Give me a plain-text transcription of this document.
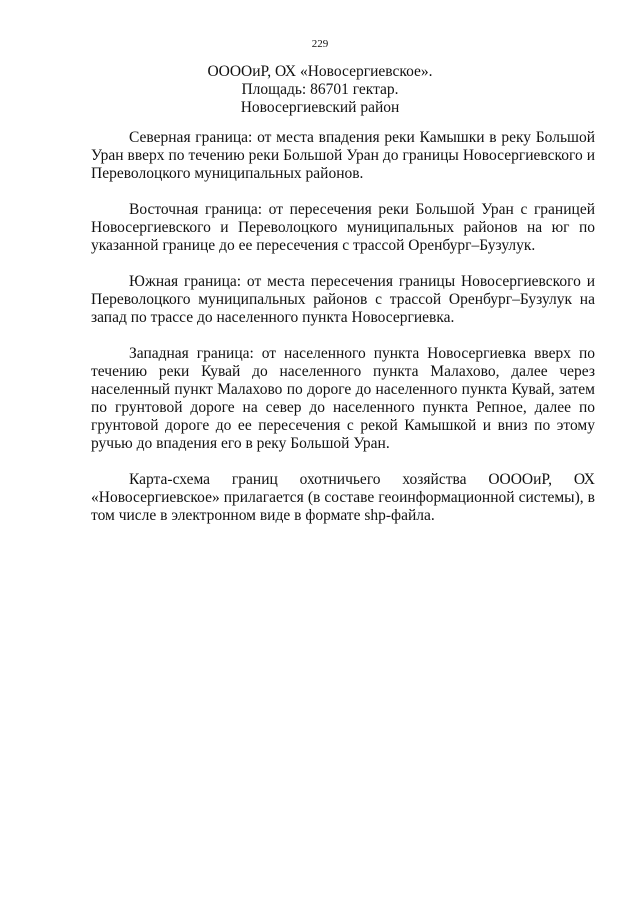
229
ООООиР, ОХ «Новосергиевское».
Площадь: 86701 гектар.
Новосергиевский район

Северная граница: от места впадения реки Камышки в реку Большой Уран вверх по течению реки Большой Уран до границы Новосергиевского и Переволоцкого муниципальных районов.

Восточная граница: от пересечения реки Большой Уран с границей Новосергиевского и Переволоцкого муниципальных районов на юг по указанной границе до ее пересечения с трассой Оренбург–Бузулук.

Южная граница: от места пересечения границы Новосергиевского и Переволоцкого муниципальных районов с трассой Оренбург–Бузулук на запад по трассе до населенного пункта Новосергиевка.

Западная граница: от населенного пункта Новосергиевка вверх по течению реки Кувай до населенного пункта Малахово, далее через населенный пункт Малахово по дороге до населенного пункта Кувай, затем по грунтовой дороге на север до населенного пункта Репное, далее по грунтовой дороге до ее пересечения с рекой Камышкой и вниз по этому ручью до впадения его в реку Большой Уран.

Карта-схема границ охотничьего хозяйства ООООиР, ОХ «Новосергиевское» прилагается (в составе геоинформационной системы), в том числе в электронном виде в формате shp-файла.
